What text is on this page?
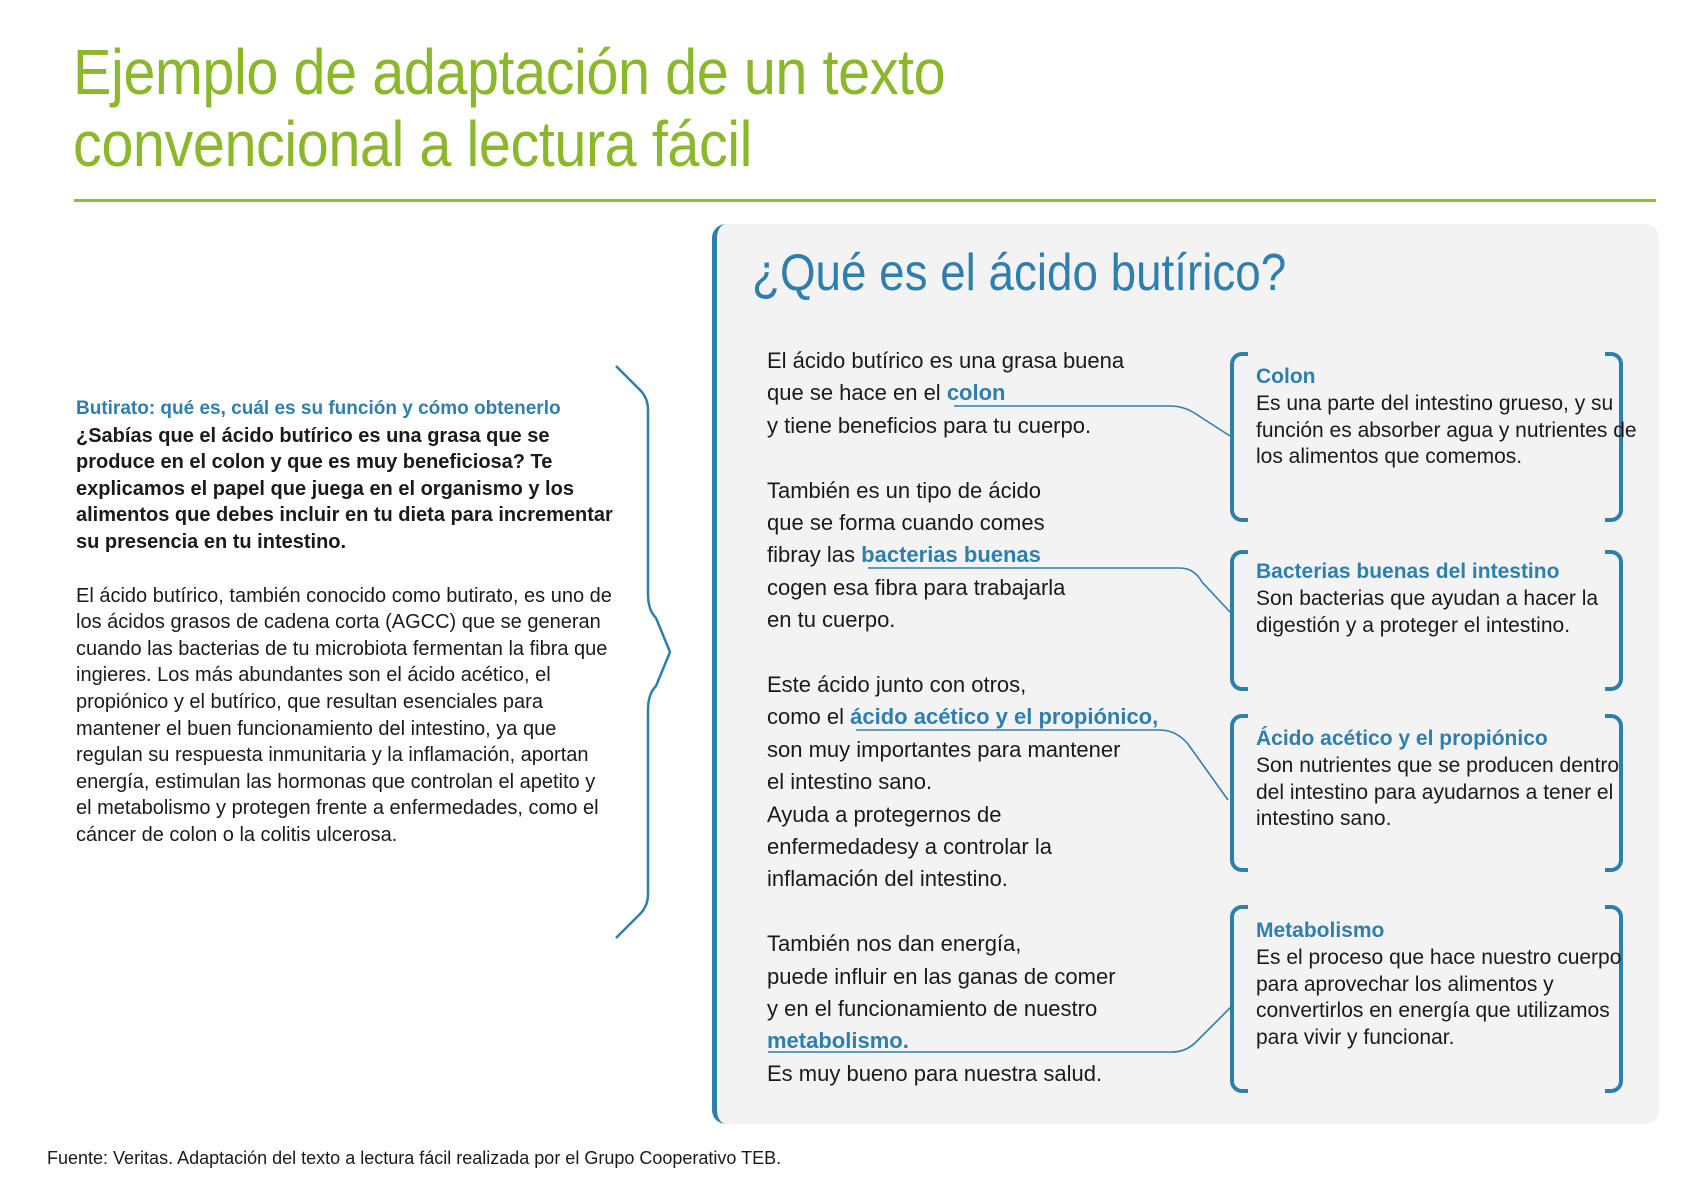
Ejemplo de adaptación de un texto
convencional a lectura fácil
Butirato: qué es, cuál es su función y cómo obtenerlo
¿Sabías que el ácido butírico es una grasa que se produce en el colon y que es muy beneficiosa? Te explicamos el papel que juega en el organismo y los alimentos que debes incluir en tu dieta para incrementar su presencia en tu intestino.
El ácido butírico, también conocido como butirato, es uno de los ácidos grasos de cadena corta (AGCC) que se generan cuando las bacterias de tu microbiota fermentan la fibra que ingieres. Los más abundantes son el ácido acético, el propiónico y el butírico, que resultan esenciales para mantener el buen funcionamiento del intestino, ya que regulan su respuesta inmunitaria y la inflamación, aportan energía, estimulan las hormonas que controlan el apetito y el metabolismo y protegen frente a enfermedades, como el cáncer de colon o la colitis ulcerosa.
¿Qué es el ácido butírico?

El ácido butírico es una grasa buena
que se hace en el colon
y tiene beneficios para tu cuerpo.

También es un tipo de ácido
que se forma cuando comes
fibray las bacterias buenas
cogen esa fibra para trabajarla
en tu cuerpo.

Este ácido junto con otros,
como el ácido acético y el propiónico,
son muy importantes para mantener
el intestino sano.
Ayuda a protegernos de
enfermedadesy a controlar la
inflamación del intestino.

También nos dan energía,
puede influir en las ganas de comer
y en el funcionamiento de nuestro
metabolismo.
Es muy bueno para nuestra salud.

Colon
Es una parte del intestino grueso, y su función es absorber agua y nutrientes de los alimentos que comemos.
Bacterias buenas del intestino
Son bacterias que ayudan a hacer la digestión y a proteger el intestino.
Ácido acético y el propiónico
Son nutrientes que se producen dentro del intestino para ayudarnos a tener el intestino sano.
Metabolismo
Es el proceso que hace nuestro cuerpo para aprovechar los alimentos y convertirlos en energía que utilizamos para vivir y funcionar.
Fuente: Veritas. Adaptación del texto a lectura fácil realizada por el Grupo Cooperativo TEB.
